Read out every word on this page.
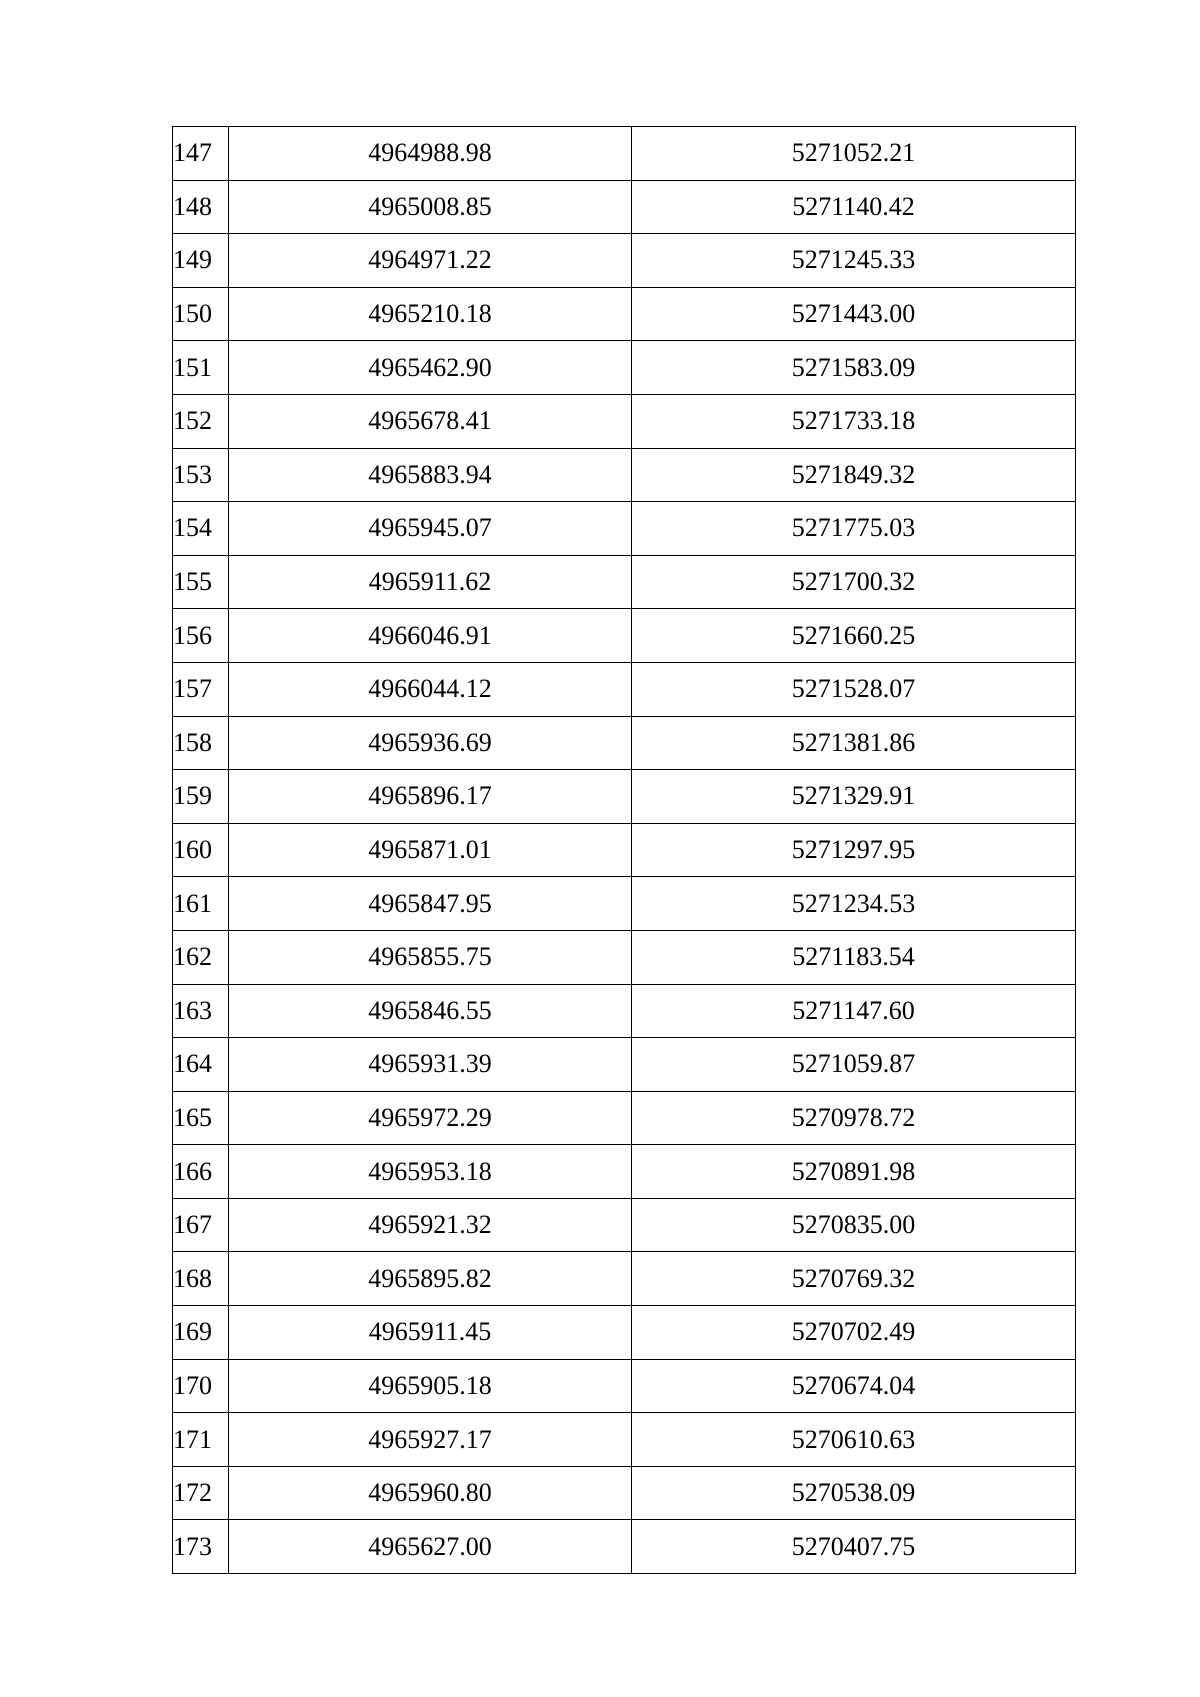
147	4964988.98	5271052.21
148	4965008.85	5271140.42
149	4964971.22	5271245.33
150	4965210.18	5271443.00
151	4965462.90	5271583.09
152	4965678.41	5271733.18
153	4965883.94	5271849.32
154	4965945.07	5271775.03
155	4965911.62	5271700.32
156	4966046.91	5271660.25
157	4966044.12	5271528.07
158	4965936.69	5271381.86
159	4965896.17	5271329.91
160	4965871.01	5271297.95
161	4965847.95	5271234.53
162	4965855.75	5271183.54
163	4965846.55	5271147.60
164	4965931.39	5271059.87
165	4965972.29	5270978.72
166	4965953.18	5270891.98
167	4965921.32	5270835.00
168	4965895.82	5270769.32
169	4965911.45	5270702.49
170	4965905.18	5270674.04
171	4965927.17	5270610.63
172	4965960.80	5270538.09
173	4965627.00	5270407.75
